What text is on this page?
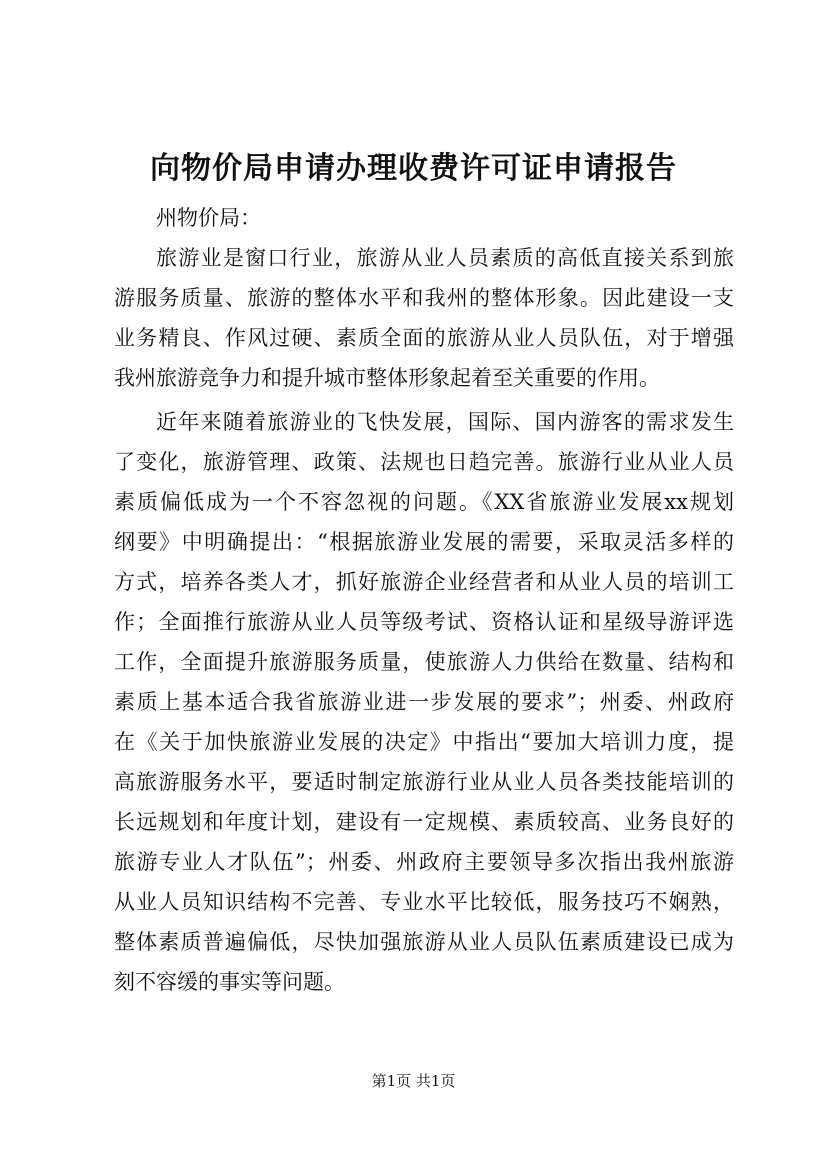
向物价局申请办理收费许可证申请报告
州物价局：
旅游业是窗口行业，旅游从业人员素质的高低直接关系到旅
游服务质量、旅游的整体水平和我州的整体形象。因此建设一支
业务精良、作风过硬、素质全面的旅游从业人员队伍，对于增强
我州旅游竞争力和提升城市整体形象起着至关重要的作用。
近年来随着旅游业的飞快发展，国际、国内游客的需求发生
了变化，旅游管理、政策、法规也日趋完善。旅游行业从业人员
素质偏低成为一个不容忽视的问题。《XX省旅游业发展xx规划
纲要》中明确提出：“根据旅游业发展的需要，采取灵活多样的
方式，培养各类人才，抓好旅游企业经营者和从业人员的培训工
作；全面推行旅游从业人员等级考试、资格认证和星级导游评选
工作，全面提升旅游服务质量，使旅游人力供给在数量、结构和
素质上基本适合我省旅游业进一步发展的要求”；州委、州政府
在《关于加快旅游业发展的决定》中指出“要加大培训力度，提
高旅游服务水平，要适时制定旅游行业从业人员各类技能培训的
长远规划和年度计划，建设有一定规模、素质较高、业务良好的
旅游专业人才队伍”；州委、州政府主要领导多次指出我州旅游
从业人员知识结构不完善、专业水平比较低，服务技巧不娴熟，
整体素质普遍偏低，尽快加强旅游从业人员队伍素质建设已成为
刻不容缓的事实等问题。
第1页 共1页
